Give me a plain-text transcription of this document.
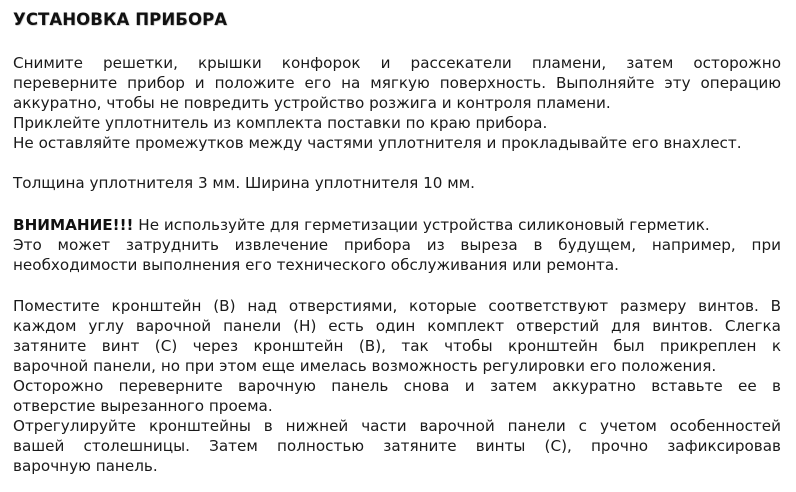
УСТАНОВКА ПРИБОРА
Снимите решетки, крышки конфорок и рассекатели пламени, затем осторожно
переверните прибор и положите его на мягкую поверхность. Выполняйте эту операцию
аккуратно, чтобы не повредить устройство розжига и контроля пламени.
Приклейте уплотнитель из комплекта поставки по краю прибора.
Не оставляйте промежутков между частями уплотнителя и прокладывайте его внахлест.
Толщина уплотнителя 3 мм. Ширина уплотнителя 10 мм.
ВНИМАНИЕ!!! Не используйте для герметизации устройства силиконовый герметик.
Это может затруднить извлечение прибора из выреза в будущем, например, при
необходимости выполнения его технического обслуживания или ремонта.
Поместите кронштейн (B) над отверстиями, которые соответствуют размеру винтов. В
каждом углу варочной панели (H) есть один комплект отверстий для винтов. Слегка
затяните винт (C) через кронштейн (B), так чтобы кронштейн был прикреплен к
варочной панели, но при этом еще имелась возможность регулировки его положения.
Осторожно переверните варочную панель снова и затем аккуратно вставьте ее в
отверстие вырезанного проема.
Отрегулируйте кронштейны в нижней части варочной панели с учетом особенностей
вашей столешницы. Затем полностью затяните винты (C), прочно зафиксировав
варочную панель.
